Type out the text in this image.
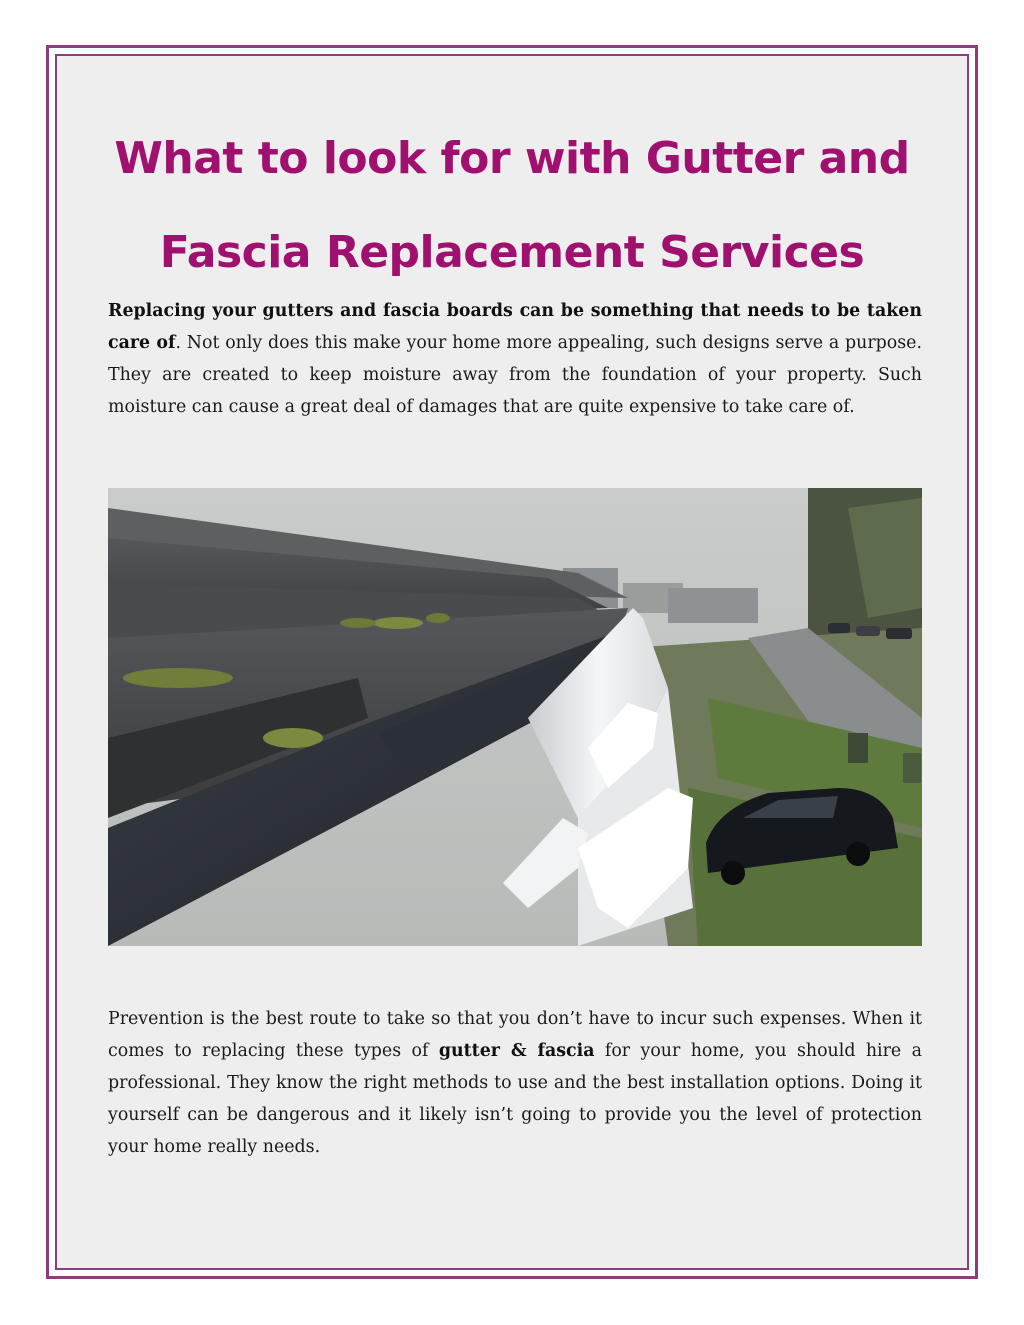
What to look for with Gutter and
Fascia Replacement Services

Replacing your gutters and fascia boards can be something that needs to be taken care of. Not only does this make your home more appealing, such designs serve a purpose. They are created to keep moisture away from the foundation of your property. Such moisture can cause a great deal of damages that are quite expensive to take care of.

Prevention is the best route to take so that you don’t have to incur such expenses. When it comes to replacing these types of gutter & fascia for your home, you should hire a professional. They know the right methods to use and the best installation options. Doing it yourself can be dangerous and it likely isn’t going to provide you the level of protection your home really needs.
